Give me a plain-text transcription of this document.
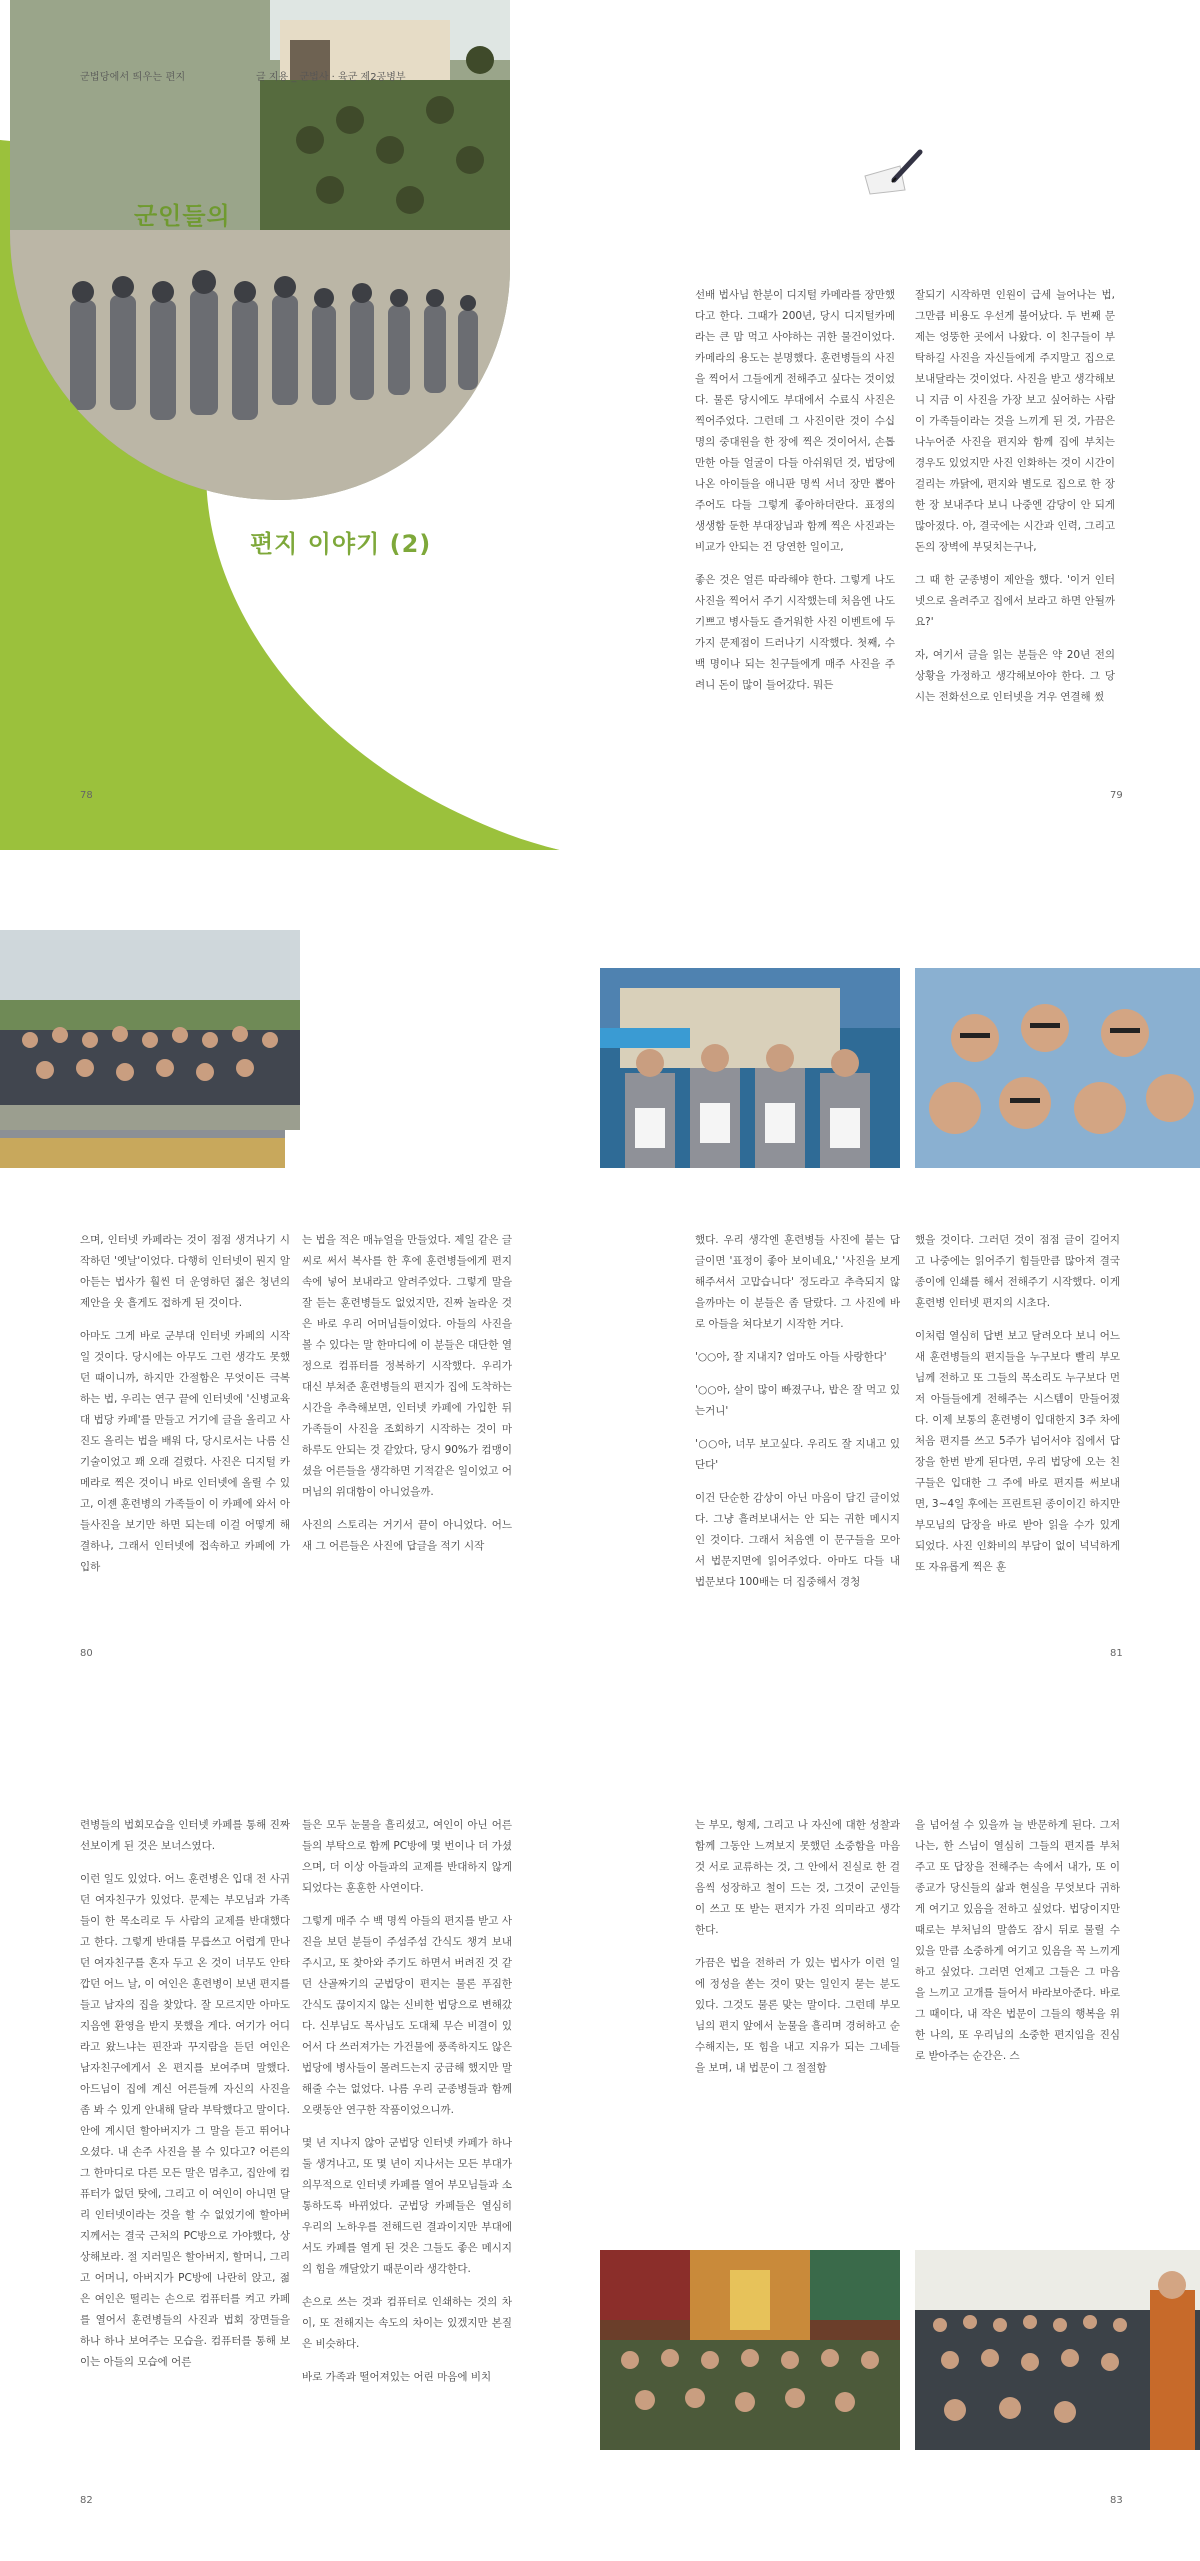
군법당에서 띄우는 편지	글 지용 _ 군법사 · 육군 제2공병부
군인들의
편지 이야기 (2)
78

선배 법사님 한분이 디지털 카메라를 장만했다고 한다. 그때가 200년, 당시 디지털카메라는 큰 맘 먹고 사야하는 귀한 물건이었다. 카메라의 용도는 분명했다. 훈련병들의 사진을 찍어서 그들에게 전해주고 싶다는 것이었다. 물론 당시에도 부대에서 수료식 사진은 찍어주었다. 그런데 그 사진이란 것이 수십 명의 중대원을 한 장에 찍은 것이어서, 손톱만한 아들 얼굴이 다들 아쉬워던 것, 법당에 나온 아이들을 애니판 명씩 서너 장만 뽑아주어도 다들 그렇게 좋아하더란다. 표정의 생생함 둔한 부대장님과 함께 찍은 사진과는 비교가 안되는 건 당연한 일이고,

좋은 것은 얼른 따라해야 한다. 그렇게 나도 사진을 찍어서 주기 시작했는데 처음엔 나도 기쁘고 병사들도 즐거워한 사진 이벤트에 두 가지 문제점이 드러나기 시작했다. 첫째, 수백 명이나 되는 친구들에게 매주 사진을 주려니 돈이 많이 들어갔다. 뭐든

잘되기 시작하면 인원이 급세 늘어나는 법, 그만큼 비용도 우선게 불어났다. 두 번째 문제는 엉뚱한 곳에서 나왔다. 이 친구들이 부탁하길 사진을 자신들에게 주지말고 집으로 보내달라는 것이었다. 사진을 받고 생각해보니 지금 이 사진을 가장 보고 싶어하는 사람이 가족들이라는 것을 느끼게 된 것, 가끔은 나누어준 사진을 편지와 함께 집에 부치는 경우도 있었지만 사진 인화하는 것이 시간이 걸리는 까닭에, 편지와 별도로 집으로 한 장 한 장 보내주다 보니 나중엔 감당이 안 되게 많아졌다. 아, 결국에는 시간과 인력, 그리고 돈의 장벽에 부딪치는구나,

그 때 한 군종병이 제안을 했다. '이거 인터넷으로 올려주고 집에서 보라고 하면 안될까요?'

자, 여기서 글을 읽는 분들은 약 20년 전의 상황을 가정하고 생각해보아야 한다. 그 당시는 전화선으로 인터넷을 겨우 연결해 썼

79

으며, 인터넷 카페라는 것이 점점 생겨나기 시작하던 '옛날'이었다. 다행히 인터넷이 뭔지 알아듣는 법사가 훨씬 더 운영하던 젊은 청년의 제안을 웃 흘게도 접하게 된 것이다.

아마도 그게 바로 군부대 인터넷 카페의 시작일 것이다. 당시에는 아무도 그런 생각도 못했던 때이니까, 하지만 간절함은 무엇이든 극복하는 법, 우리는 연구 끝에 인터넷에 '신병교육대 법당 카페'를 만들고 거기에 글을 올리고 사진도 올리는 법을 배워 다, 당시로서는 나름 신기술이었고 꽤 오래 걸렸다. 사진은 디지털 카메라로 찍은 것이니 바로 인터넷에 올릴 수 있고, 이젠 훈련병의 가족들이 이 카페에 와서 아들사진을 보기만 하면 되는데 이걸 어떻게 해결하나, 그래서 인터넷에 접속하고 카페에 가입하

는 법을 적은 매뉴얼을 만들었다. 제일 같은 글씨로 써서 복사를 한 후에 훈련병들에게 편지 속에 넣어 보내라고 알려주었다. 그렇게 말을 잘 듣는 훈련병들도 없었지만, 진짜 놀라운 것은 바로 우리 어머님들이었다. 아들의 사진을 볼 수 있다는 말 한마디에 이 분들은 대단한 열정으로 컴퓨터를 정복하기 시작했다. 우리가 대신 부쳐준 훈련병들의 편지가 집에 도착하는 시간을 추측해보면, 인터넷 카페에 가입한 뒤 가족들이 사진을 조회하기 시작하는 것이 마 하루도 안되는 것 같았다, 당시 90%가 컴맹이셨을 어른들을 생각하면 기적같은 일이었고 어머님의 위대함이 아니었을까.

사진의 스토리는 거기서 끝이 아니었다. 어느새 그 어른들은 사진에 답글을 적기 시작

했다. 우리 생각엔 훈련병들 사진에 붙는 답글이면 '표정이 좋아 보이네요,' '사진을 보게 해주셔서 고맙습니다' 정도라고 추측되지 않을까마는 이 분들은 좀 달랐다. 그 사진에 바로 아들을 쳐다보기 시작한 거다.

'○○아, 잘 지내지? 엄마도 아들 사랑한다'

'○○아, 살이 많이 빠졌구나, 밥은 잘 먹고 있는거니'

'○○아, 너무 보고싶다. 우리도 잘 지내고 있단다'

이건 단순한 감상이 아닌 마음이 담긴 글이었다. 그냥 흘려보내서는 안 되는 귀한 메시지인 것이다. 그래서 처음엔 이 문구들을 모아서 법문지면에 읽어주었다. 아마도 다들 내 법문보다 100배는 더 집중해서 경청

했을 것이다. 그러던 것이 점점 글이 길어지고 나중에는 읽어주기 힘들만큼 많아져 결국 종이에 인쇄를 해서 전해주기 시작했다. 이게 훈련병 인터넷 편지의 시초다.

이처럼 열심히 답변 보고 달려오다 보니 어느새 훈련병들의 편지들을 누구보다 빨리 부모님께 전하고 또 그들의 목소리도 누구보다 먼저 아들들에게 전해주는 시스템이 만들어졌다. 이제 보통의 훈련병이 입대한지 3주 차에 처음 편지를 쓰고 5주가 넘어서야 집에서 답장을 한번 받게 된다면, 우리 법당에 오는 친구들은 입대한 그 주에 바로 편지를 써보내면, 3~4일 후에는 프린트된 종이이긴 하지만 부모님의 답장을 바로 받아 읽을 수가 있게 되었다. 사진 인화비의 부담이 없이 넉넉하게 또 자유롭게 찍은 훈

80	81

련병들의 법회모습을 인터넷 카페를 통해 진짜 선보이게 된 것은 보너스였다.

이런 일도 있었다. 어느 훈련병은 입대 전 사귀던 여자친구가 있었다. 문제는 부모님과 가족들이 한 목소리로 두 사람의 교제를 반대했다고 한다. 그렇게 반대를 무릅쓰고 어렵게 만나던 여자친구를 혼자 두고 온 것이 너무도 안타깝던 어느 날, 이 여인은 훈련병이 보낸 편지를 들고 남자의 집을 찾았다. 잘 모르지만 아마도 지음엔 환영을 받지 못했을 게다. 여기가 어디라고 왔느냐는 핀잔과 꾸지람을 듣던 여인은 남자친구에게서 온 편지를 보여주며 말했다. 아드님이 집에 계신 어른들께 자신의 사진을 좀 봐 수 있게 안내해 달라 부탁했다고 말이다. 안에 계시던 할아버지가 그 말을 듣고 뛰어나오셨다. 내 손주 사진을 볼 수 있다고? 어른의 그 한마디로 다른 모든 말은 멈추고, 집안에 컴퓨터가 없던 탓에, 그리고 이 여인이 아니면 달리 인터넷이라는 것을 할 수 없었기에 할아버지께서는 결국 근처의 PC방으로 가야했다, 상상해보라. 절 지러밀은 할아버지, 할머니, 그리고 어머니, 아버지가 PC방에 나란히 앉고, 젊은 여인은 떨리는 손으로 컴퓨터를 켜고 카페를 열어서 훈련병들의 사진과 법회 장면들을 하나 하나 보여주는 모습을. 컴퓨터를 통해 보이는 아들의 모습에 어른

들은 모두 눈물을 흘리셨고, 여인이 아닌 어른들의 부탁으로 함께 PC방에 몇 번이나 더 가셨으며, 더 이상 아들과의 교제를 반대하지 않게 되었다는 훈훈한 사연이다.

그렇게 매주 수 백 명씩 아들의 편지를 받고 사진을 보던 분들이 주섬주섬 간식도 챙겨 보내주시고, 또 찾아와 주기도 하면서 버려진 것 같던 산골짜기의 군법당이 편지는 물론 푸짐한 간식도 끊이지지 않는 신비한 법당으로 변해갔다. 신부님도 목사님도 도대체 무슨 비결이 있어서 다 쓰러져가는 가건물에 풍족하지도 않은 법당에 병사들이 몰려드는지 궁금해 했지만 말해줄 수는 없었다. 나름 우리 군종병들과 함께 오랫동안 연구한 작품이었으니까.

몇 년 지나지 않아 군법당 인터넷 카페가 하나 둘 생겨나고, 또 몇 년이 지나서는 모든 부대가 의무적으로 인터넷 카페를 열어 부모님들과 소통하도록 바뀌었다. 군법당 카페들은 열심히 우리의 노하우를 전해드린 결과이지만 부대에서도 카페를 열게 된 것은 그들도 좋은 메시지의 힘을 깨달았기 때문이라 생각한다.

손으로 쓰는 것과 컴퓨터로 인쇄하는 것의 차이, 또 전해지는 속도의 차이는 있겠지만 본질은 비슷하다.

바로 가족과 떨어져있는 어린 마음에 비치

는 부모, 형제, 그리고 나 자신에 대한 성찰과 함께 그동안 느껴보지 못했던 소중함을 마음것 서로 교류하는 것, 그 안에서 진실로 한 걸음씩 성장하고 철이 드는 것, 그것이 군인들이 쓰고 또 받는 편지가 가진 의미라고 생각한다.

가끔은 법을 전하러 가 있는 법사가 이런 일에 정성을 쏟는 것이 맞는 일인지 묻는 분도 있다. 그것도 물론 맞는 말이다. 그런데 부모님의 편지 앞에서 눈물을 흘리며 경허하고 순수해지는, 또 힘을 내고 지유가 되는 그네들을 보며, 내 법문이 그 절절함

을 넘어설 수 있을까 늘 반문하게 된다. 그저 나는, 한 스님이 열심히 그들의 편지를 부처주고 또 답장을 전해주는 속에서 내가, 또 이 종교가 당신들의 삶과 현실을 무엇보다 귀하게 여기고 있음을 전하고 싶었다. 법당이지만 때로는 부처님의 말씀도 잠시 뒤로 물릴 수 있을 만큼 소중하게 여기고 있음을 꼭 느끼게 하고 싶었다. 그러면 언제고 그들은 그 마음을 느끼고 고개를 들어서 바라보아준다. 바로 그 때이다, 내 작은 법문이 그들의 행복을 위한 나의, 또 우리님의 소중한 편지임을 진심로 받아주는 순간은. 스

82	83
